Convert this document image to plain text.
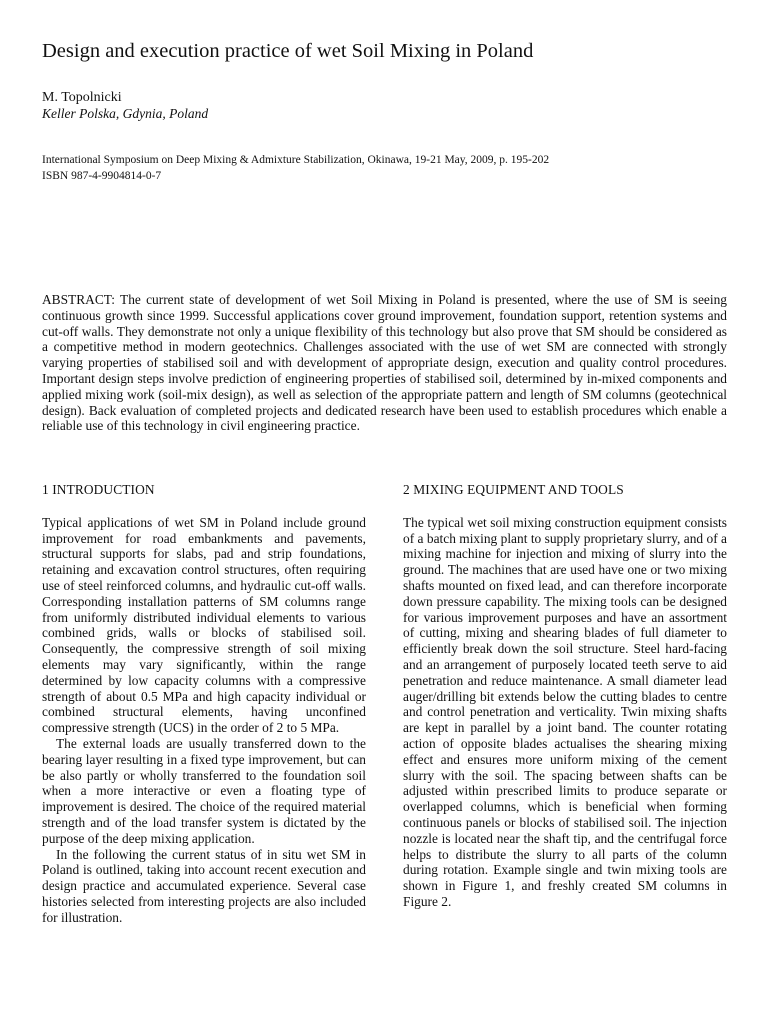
Design and execution practice of wet Soil Mixing in Poland
M. Topolnicki
Keller Polska, Gdynia, Poland
International Symposium on Deep Mixing & Admixture Stabilization, Okinawa, 19-21 May, 2009, p. 195-202
ISBN 987-4-9904814-0-7

ABSTRACT: The current state of development of wet Soil Mixing in Poland is presented, where the use of SM is seeing continuous growth since 1999. Successful applications cover ground improvement, foundation support, retention systems and cut-off walls. They demonstrate not only a unique flexibility of this technology but also prove that SM should be considered as a competitive method in modern geotechnics. Challenges associated with the use of wet SM are connected with strongly varying properties of stabilised soil and with development of appropriate design, execution and quality control procedures. Important design steps involve prediction of engineering properties of stabilised soil, determined by in-mixed components and applied mixing work (soil-mix design), as well as selection of the appropriate pattern and length of SM columns (geotechnical design). Back evaluation of completed projects and dedicated research have been used to establish procedures which enable a reliable use of this technology in civil engineering practice.

1 INTRODUCTION

Typical applications of wet SM in Poland include ground improvement for road embankments and pavements, structural supports for slabs, pad and strip foundations, retaining and excavation control structures, often requiring use of steel reinforced columns, and hydraulic cut-off walls. Corresponding installation patterns of SM columns range from uniformly distributed individual elements to various combined grids, walls or blocks of stabilised soil. Consequently, the compressive strength of soil mixing elements may vary significantly, within the range determined by low capacity columns with a compressive strength of about 0.5 MPa and high capacity individual or combined structural elements, having unconfined compressive strength (UCS) in the order of 2 to 5 MPa.

The external loads are usually transferred down to the bearing layer resulting in a fixed type improvement, but can be also partly or wholly transferred to the foundation soil when a more interactive or even a floating type of improvement is desired. The choice of the required material strength and of the load transfer system is dictated by the purpose of the deep mixing application.

In the following the current status of in situ wet SM in Poland is outlined, taking into account recent execution and design practice and accumulated experience. Several case histories selected from interesting projects are also included for illustration.

2 MIXING EQUIPMENT AND TOOLS

The typical wet soil mixing construction equipment consists of a batch mixing plant to supply proprietary slurry, and of a mixing machine for injection and mixing of slurry into the ground. The machines that are used have one or two mixing shafts mounted on fixed lead, and can therefore incorporate down pressure capability. The mixing tools can be designed for various improvement purposes and have an assortment of cutting, mixing and shearing blades of full diameter to efficiently break down the soil structure. Steel hard-facing and an arrangement of purposely located teeth serve to aid penetration and reduce maintenance. A small diameter lead auger/drilling bit extends below the cutting blades to centre and control penetration and verticality. Twin mixing shafts are kept in parallel by a joint band. The counter rotating action of opposite blades actualises the shearing mixing effect and ensures more uniform mixing of the cement slurry with the soil. The spacing between shafts can be adjusted within prescribed limits to produce separate or overlapped columns, which is beneficial when forming continuous panels or blocks of stabilised soil. The injection nozzle is located near the shaft tip, and the centrifugal force helps to distribute the slurry to all parts of the column during rotation. Example single and twin mixing tools are shown in Figure 1, and freshly created SM columns in Figure 2.
